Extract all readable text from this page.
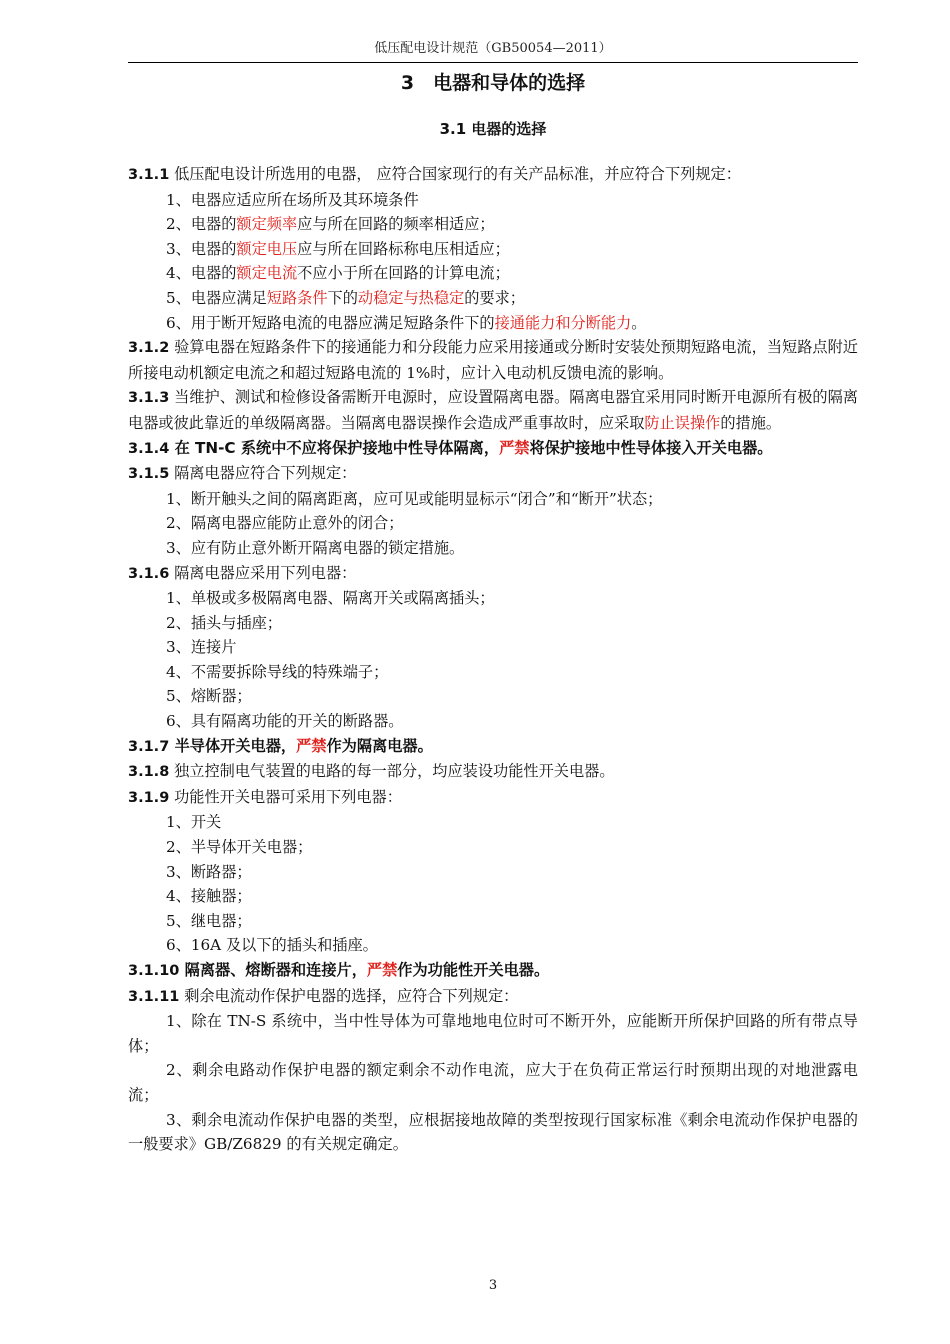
低压配电设计规范（GB50054—2011）
3　电器和导体的选择
3.1 电器的选择

3.1.1 低压配电设计所选用的电器， 应符合国家现行的有关产品标准，并应符合下列规定：

1、电器应适应所在场所及其环境条件

2、电器的额定频率应与所在回路的频率相适应；

3、电器的额定电压应与所在回路标称电压相适应；

4、电器的额定电流不应小于所在回路的计算电流；

5、电器应满足短路条件下的动稳定与热稳定的要求；

6、用于断开短路电流的电器应满足短路条件下的接通能力和分断能力。

3.1.2 验算电器在短路条件下的接通能力和分段能力应采用接通或分断时安装处预期短路电流，当短路点附近所接电动机额定电流之和超过短路电流的 1%时，应计入电动机反馈电流的影响。

3.1.3 当维护、测试和检修设备需断开电源时，应设置隔离电器。隔离电器宜采用同时断开电源所有极的隔离电器或彼此靠近的单级隔离器。当隔离电器误操作会造成严重事故时，应采取防止误操作的措施。

3.1.4 在 TN-C 系统中不应将保护接地中性导体隔离，严禁将保护接地中性导体接入开关电器。

3.1.5 隔离电器应符合下列规定：

1、断开触头之间的隔离距离，应可见或能明显标示“闭合”和“断开”状态；

2、隔离电器应能防止意外的闭合；

3、应有防止意外断开隔离电器的锁定措施。

3.1.6 隔离电器应采用下列电器：

1、单极或多极隔离电器、隔离开关或隔离插头；

2、插头与插座；

3、连接片

4、不需要拆除导线的特殊端子；

5、熔断器；

6、具有隔离功能的开关的断路器。

3.1.7 半导体开关电器，严禁作为隔离电器。

3.1.8 独立控制电气装置的电路的每一部分，均应装设功能性开关电器。

3.1.9 功能性开关电器可采用下列电器：

1、开关

2、半导体开关电器；

3、断路器；

4、接触器；

5、继电器；

6、16A 及以下的插头和插座。

3.1.10 隔离器、熔断器和连接片，严禁作为功能性开关电器。

3.1.11 剩余电流动作保护电器的选择，应符合下列规定：

1、除在 TN-S 系统中，当中性导体为可靠地地电位时可不断开外，应能断开所保护回路的所有带点导体；

2、剩余电路动作保护电器的额定剩余不动作电流，应大于在负荷正常运行时预期出现的对地泄露电流；

3、剩余电流动作保护电器的类型，应根据接地故障的类型按现行国家标准《剩余电流动作保护电器的一般要求》GB/Z6829 的有关规定确定。

3
